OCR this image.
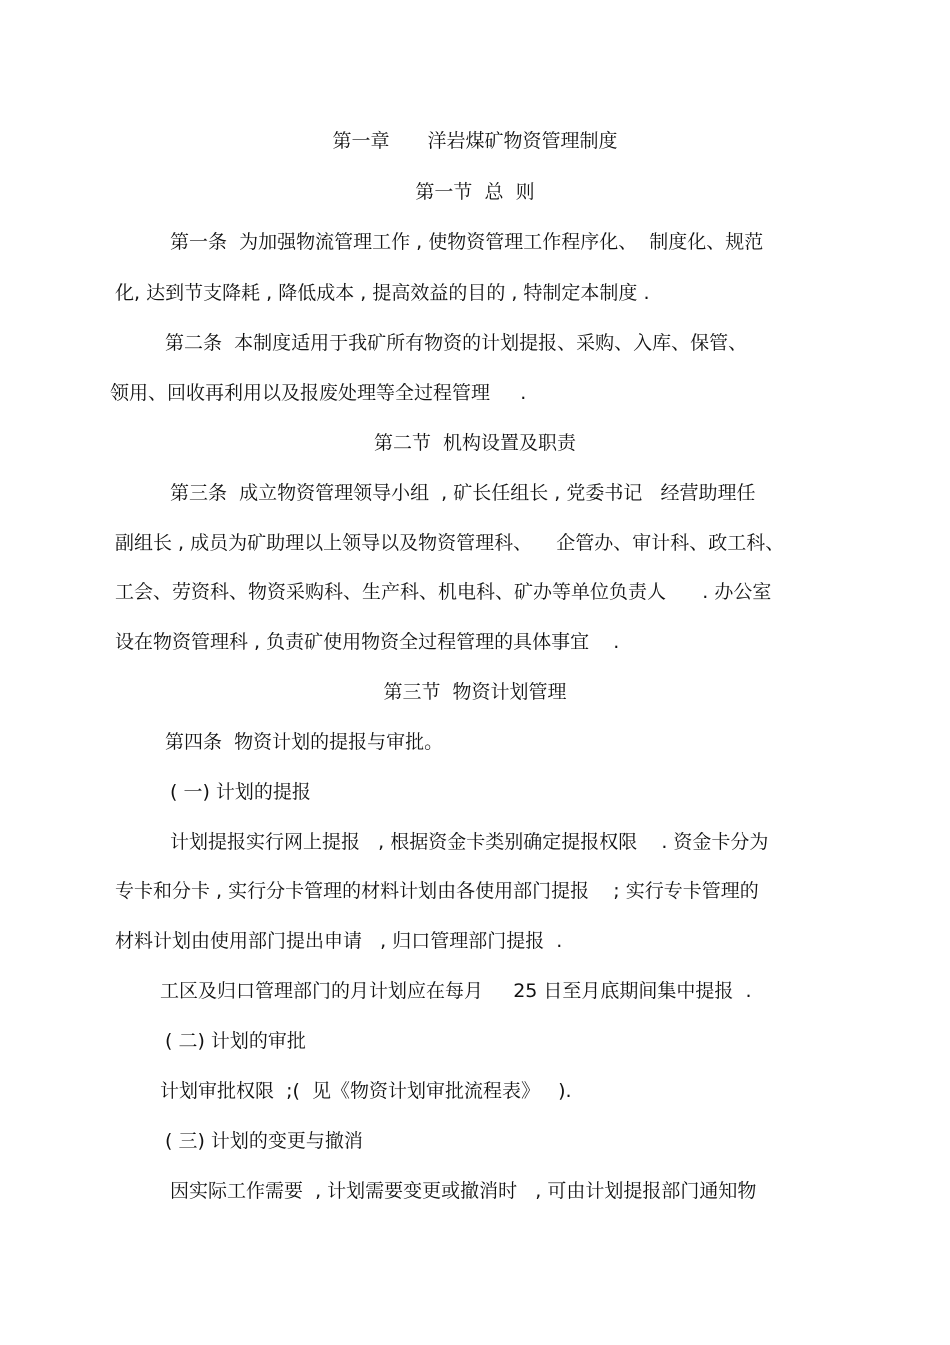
第一章　　洋岩煤矿物资管理制度

第一节  总  则

第一条  为加强物流管理工作 , 使物资管理工作程序化、  制度化、规范

化, 达到节支降耗 , 降低成本 , 提高效益的目的 , 特制定本制度 .

第二条  本制度适用于我矿所有物资的计划提报、采购、入库、保管、

领用、回收再利用以及报废处理等全过程管理     .

第二节  机构设置及职责

第三条  成立物资管理领导小组  , 矿长任组长 , 党委书记   经营助理任

副组长 , 成员为矿助理以上领导以及物资管理科、    企管办、审计科、政工科、

工会、劳资科、物资采购科、生产科、机电科、矿办等单位负责人      . 办公室

设在物资管理科 , 负责矿使用物资全过程管理的具体事宜    .

第三节  物资计划管理

第四条  物资计划的提报与审批。

( 一) 计划的提报

计划提报实行网上提报   , 根据资金卡类别确定提报权限    . 资金卡分为

专卡和分卡 , 实行分卡管理的材料计划由各使用部门提报    ; 实行专卡管理的

材料计划由使用部门提出申请   , 归口管理部门提报  .

工区及归口管理部门的月计划应在每月     25 日至月底期间集中提报  .

( 二) 计划的审批

计划审批权限  ;(  见《物资计划审批流程表》   ).

( 三) 计划的变更与撤消

因实际工作需要  , 计划需要变更或撤消时   , 可由计划提报部门通知物
